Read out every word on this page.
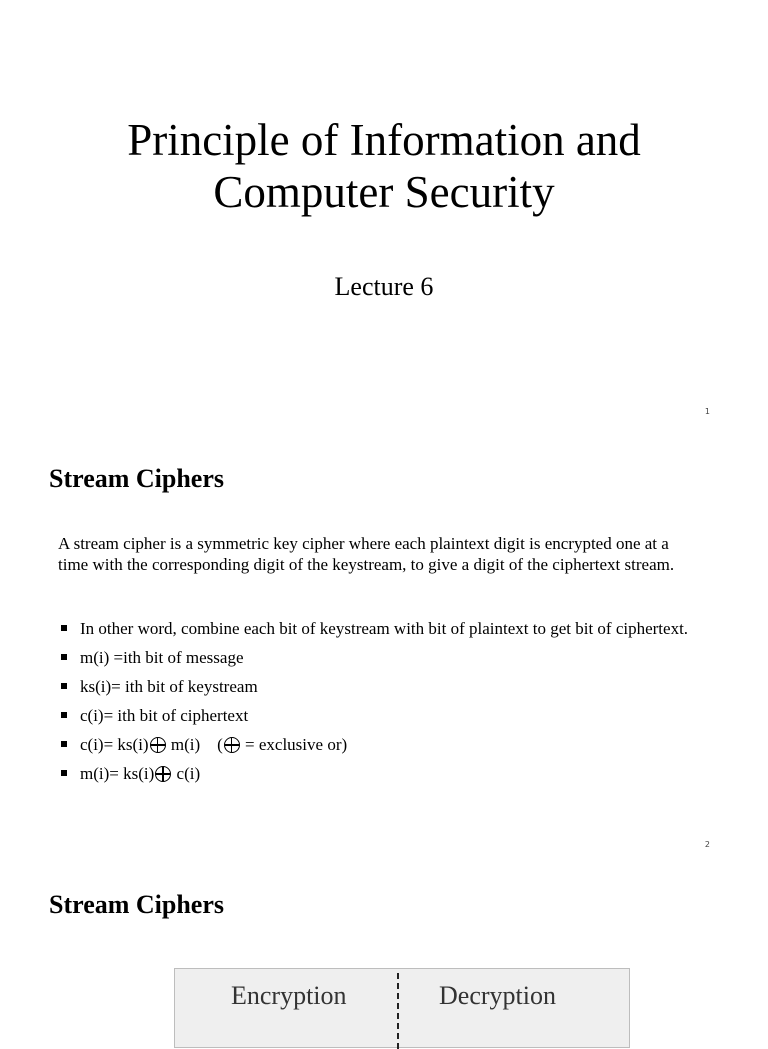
Principle of Information and
Computer Security
Lecture 6
1
Stream Ciphers
A stream cipher is a symmetric key cipher where each plaintext digit is encrypted one at a time with the corresponding digit of the keystream, to give a digit of the ciphertext stream.
In other word, combine each bit of keystream with bit of plaintext to get bit of ciphertext.
m(i) =ith bit of message
ks(i)= ith bit of keystream
c(i)= ith bit of ciphertext
c(i)= ks(i) m(i)    ( = exclusive or)
m(i)= ks(i) c(i)
2
Stream Ciphers
Encryption	Decryption
